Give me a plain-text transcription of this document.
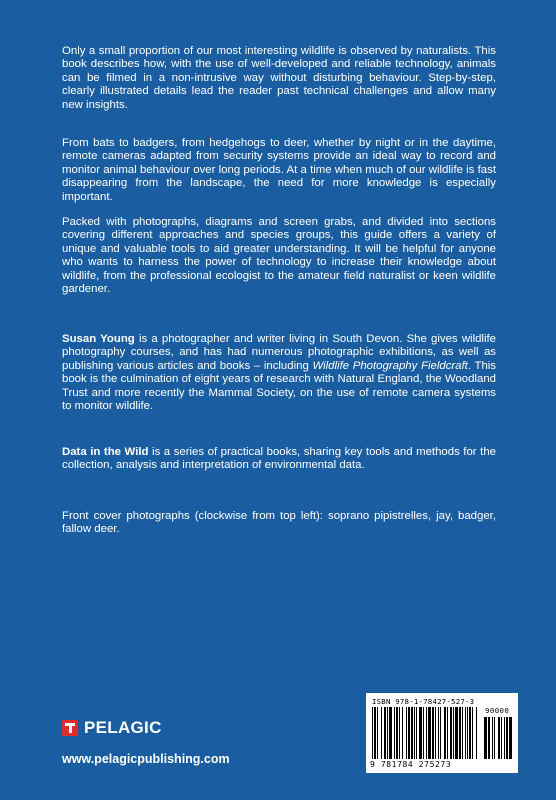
Only a small proportion of our most interesting wildlife is observed by naturalists. This book describes how, with the use of well-developed and reliable technology, animals can be filmed in a non-intrusive way without disturbing behaviour. Step-by-step, clearly illustrated details lead the reader past technical challenges and allow many new insights.

From bats to badgers, from hedgehogs to deer, whether by night or in the daytime, remote cameras adapted from security systems provide an ideal way to record and monitor animal behaviour over long periods. At a time when much of our wildlife is fast disappearing from the landscape, the need for more knowledge is especially important.

Packed with photographs, diagrams and screen grabs, and divided into sections covering different approaches and species groups, this guide offers a variety of unique and valuable tools to aid greater understanding. It will be helpful for anyone who wants to harness the power of technology to increase their knowledge about wildlife, from the professional ecologist to the amateur field naturalist or keen wildlife gardener.

Susan Young is a photographer and writer living in South Devon. She gives wildlife photography courses, and has had numerous photographic exhibitions, as well as publishing various articles and books – including Wildlife Photography Fieldcraft. This book is the culmination of eight years of research with Natural England, the Woodland Trust and more recently the Mammal Society, on the use of remote camera systems to monitor wildlife.

Data in the Wild is a series of practical books, sharing key tools and methods for the collection, analysis and interpretation of environmental data.

Front cover photographs (clockwise from top left): soprano pipistrelles, jay, badger, fallow deer.

PELAGIC
www.pelagicpublishing.com
ISBN 978-1-78427-527-3
90000
9 781784 275273
